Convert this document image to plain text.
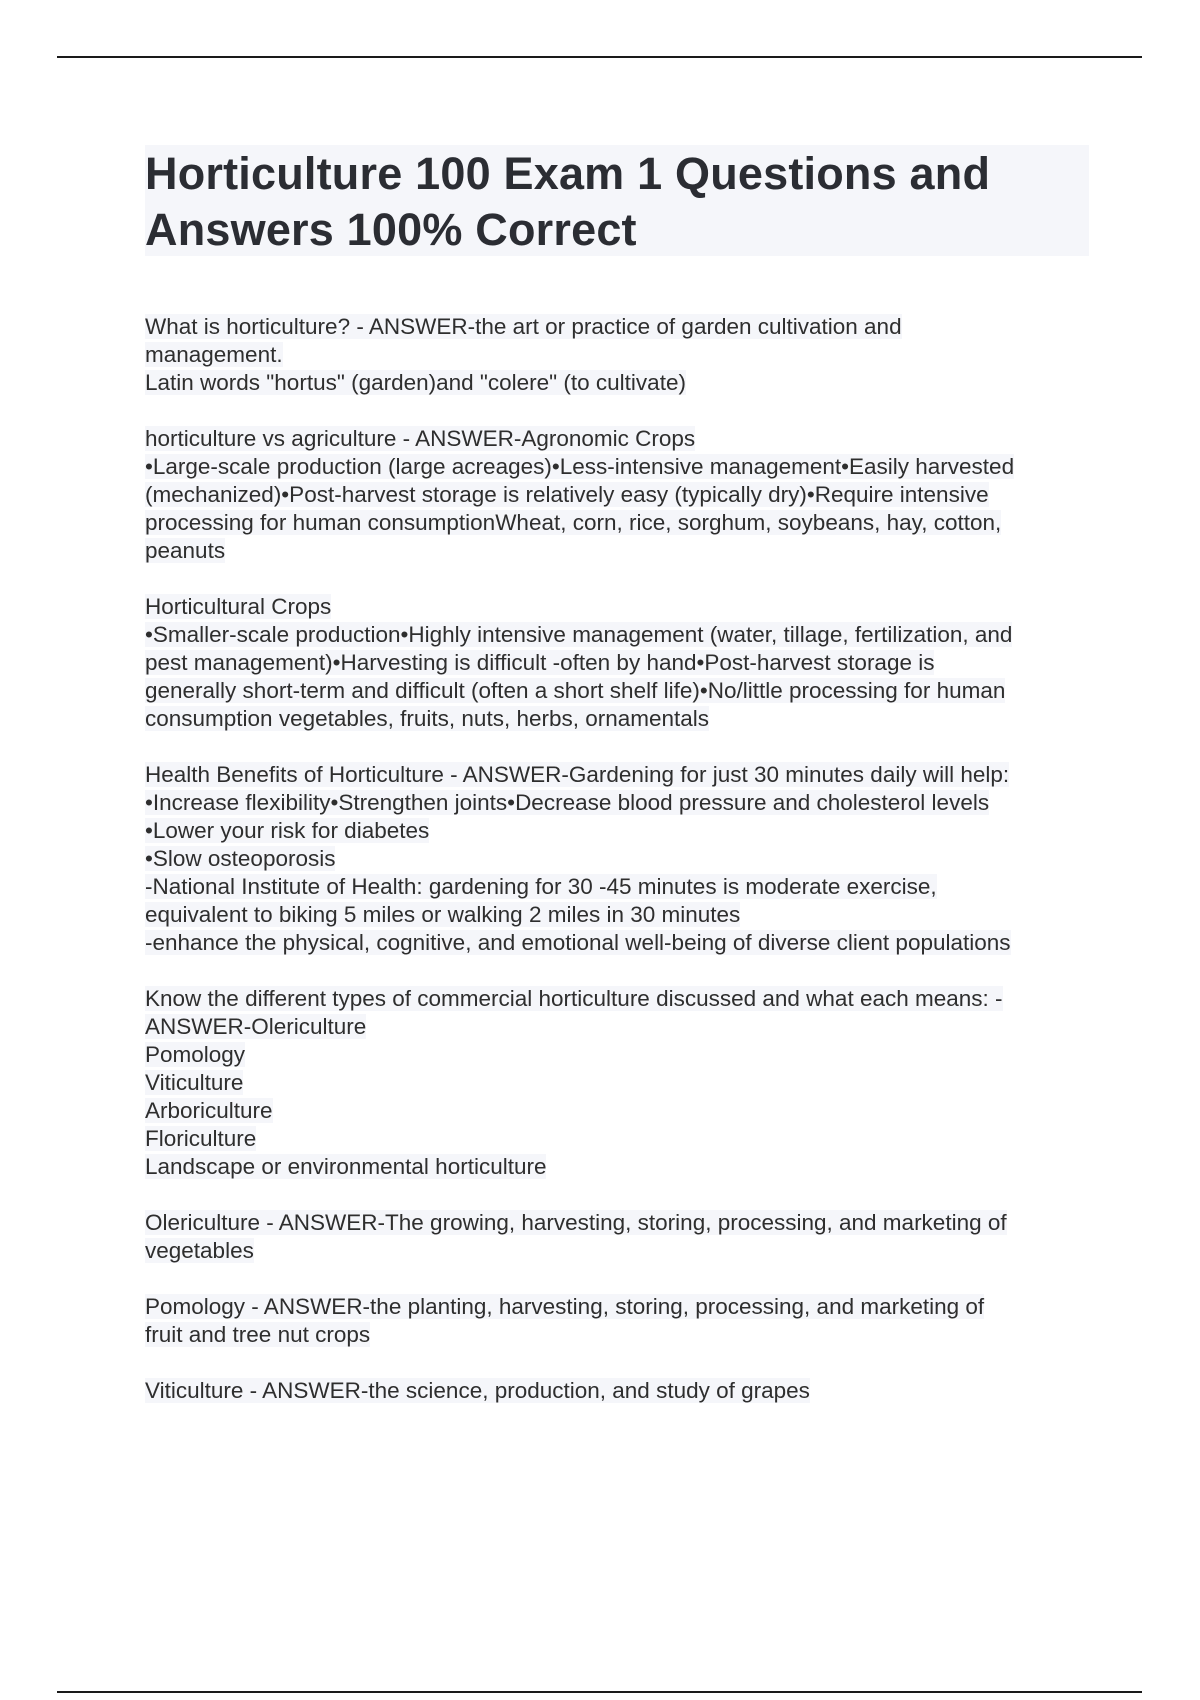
Horticulture 100 Exam 1 Questions and
Answers 100% Correct
What is horticulture? - ANSWER-the art or practice of garden cultivation and
management.
Latin words "hortus" (garden)and "colere" (to cultivate)
horticulture vs agriculture - ANSWER-Agronomic Crops
•Large-scale production (large acreages)•Less-intensive management•Easily harvested
(mechanized)•Post-harvest storage is relatively easy (typically dry)•Require intensive
processing for human consumptionWheat, corn, rice, sorghum, soybeans, hay, cotton,
peanuts
Horticultural Crops
•Smaller-scale production•Highly intensive management (water, tillage, fertilization, and
pest management)•Harvesting is difficult -often by hand•Post-harvest storage is
generally short-term and difficult (often a short shelf life)•No/little processing for human
consumption vegetables, fruits, nuts, herbs, ornamentals
Health Benefits of Horticulture - ANSWER-Gardening for just 30 minutes daily will help:
•Increase flexibility•Strengthen joints•Decrease blood pressure and cholesterol levels
•Lower your risk for diabetes
•Slow osteoporosis
-National Institute of Health: gardening for 30 -45 minutes is moderate exercise,
equivalent to biking 5 miles or walking 2 miles in 30 minutes
-enhance the physical, cognitive, and emotional well-being of diverse client populations
Know the different types of commercial horticulture discussed and what each means: -
ANSWER-Olericulture
Pomology
Viticulture
Arboriculture
Floriculture
Landscape or environmental horticulture
Olericulture - ANSWER-The growing, harvesting, storing, processing, and marketing of
vegetables
Pomology - ANSWER-the planting, harvesting, storing, processing, and marketing of
fruit and tree nut crops
Viticulture - ANSWER-the science, production, and study of grapes
